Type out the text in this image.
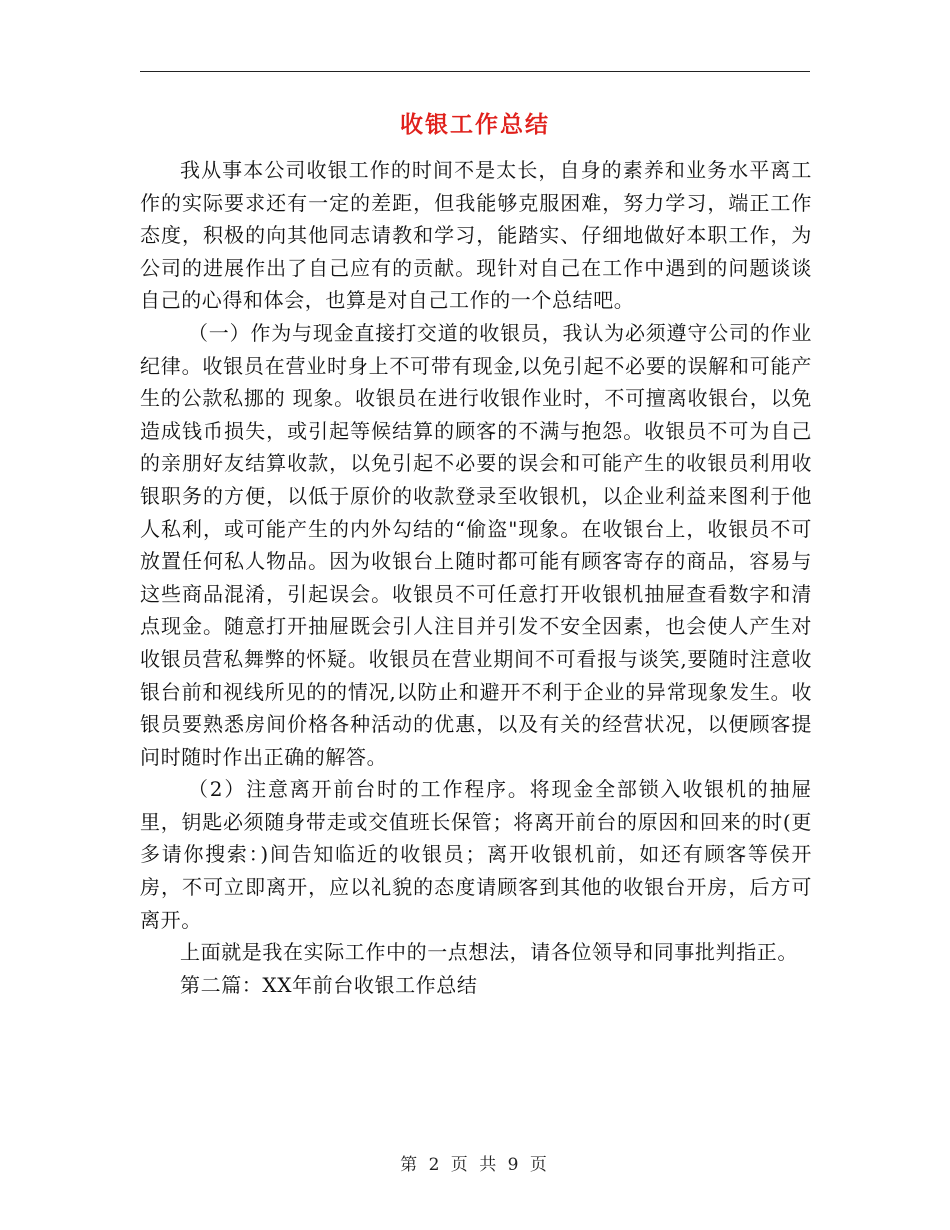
收银工作总结

我从事本公司收银工作的时间不是太长，自身的素养和业务水平离工作的实际要求还有一定的差距，但我能够克服困难，努力学习，端正工作态度，积极的向其他同志请教和学习，能踏实、仔细地做好本职工作，为公司的进展作出了自己应有的贡献。现针对自己在工作中遇到的问题谈谈自己的心得和体会，也算是对自己工作的一个总结吧。

（一）作为与现金直接打交道的收银员，我认为必须遵守公司的作业纪律。收银员在营业时身上不可带有现金,以免引起不必要的误解和可能产生的公款私挪的 现象。收银员在进行收银作业时，不可擅离收银台，以免造成钱币损失，或引起等候结算的顾客的不满与抱怨。收银员不可为自己的亲朋好友结算收款，以免引起不必要的误会和可能产生的收银员利用收银职务的方便，以低于原价的收款登录至收银机，以企业利益来图利于他人私利，或可能产生的内外勾结的“偷盗"现象。在收银台上，收银员不可放置任何私人物品。因为收银台上随时都可能有顾客寄存的商品，容易与这些商品混淆，引起误会。收银员不可任意打开收银机抽屉查看数字和清点现金。随意打开抽屉既会引人注目并引发不安全因素，也会使人产生对收银员营私舞弊的怀疑。收银员在营业期间不可看报与谈笑,要随时注意收银台前和视线所见的的情况,以防止和避开不利于企业的异常现象发生。收银员要熟悉房间价格各种活动的优惠，以及有关的经营状况，以便顾客提问时随时作出正确的解答。

（2）注意离开前台时的工作程序。将现金全部锁入收银机的抽屉里，钥匙必须随身带走或交值班长保管；将离开前台的原因和回来的时(更多请你搜索：)间告知临近的收银员；离开收银机前，如还有顾客等侯开房，不可立即离开，应以礼貌的态度请顾客到其他的收银台开房，后方可离开。

上面就是我在实际工作中的一点想法，请各位领导和同事批判指正。

第二篇：XX年前台收银工作总结

第 2 页 共 9 页
